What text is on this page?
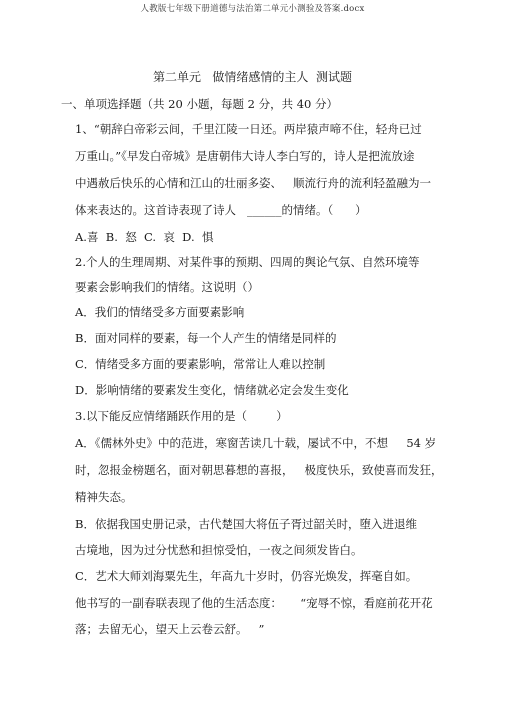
人教版七年级下册道德与法治第二单元小测验及答案.docx
第二单元   做情绪感情的主人  测试题
一、单项选择题（共 20 小题，每题 2 分，共 40 分）
1、“朝辞白帝彩云间，千里江陵一日还。两岸猿声啼不住，轻舟已过
万重山。”《早发白帝城》是唐朝伟大诗人李白写的，诗人是把流放途
中遇赦后快乐的心情和江山的壮丽多姿、   顺流行舟的流利轻盈融为一
体来表达的。这首诗表现了诗人   ______的情绪。（      ）
A.喜  B.  怒  C.  哀  D.  惧
2.个人的生理周期、对某件事的预期、四周的舆论气氛、自然环境等
要素会影响我们的情绪。这说明（）
A．我们的情绪受多方面要素影响
B．面对同样的要素，每一个人产生的情绪是同样的
C．情绪受多方面的要素影响，常常让人难以控制
D．影响情绪的要素发生变化，情绪就必定会发生变化
3.以下能反应情绪踊跃作用的是（        ）
A．《儒林外史》中的范进，寒窗苦读几十载，屡试不中，不想     54 岁
时，忽报金榜题名，面对朝思暮想的喜报，   极度快乐，致使喜而发狂，
精神失态。
B．依据我国史册记录，古代楚国大将伍子胥过韶关时，堕入进退维
古境地，因为过分忧愁和担惊受怕，一夜之间须发皆白。
C．艺术大师刘海粟先生，年高九十岁时，仍容光焕发，挥毫自如。
他书写的一副春联表现了他的生活态度：     “宠辱不惊，看庭前花开花
落；去留无心，望天上云卷云舒。   ”
